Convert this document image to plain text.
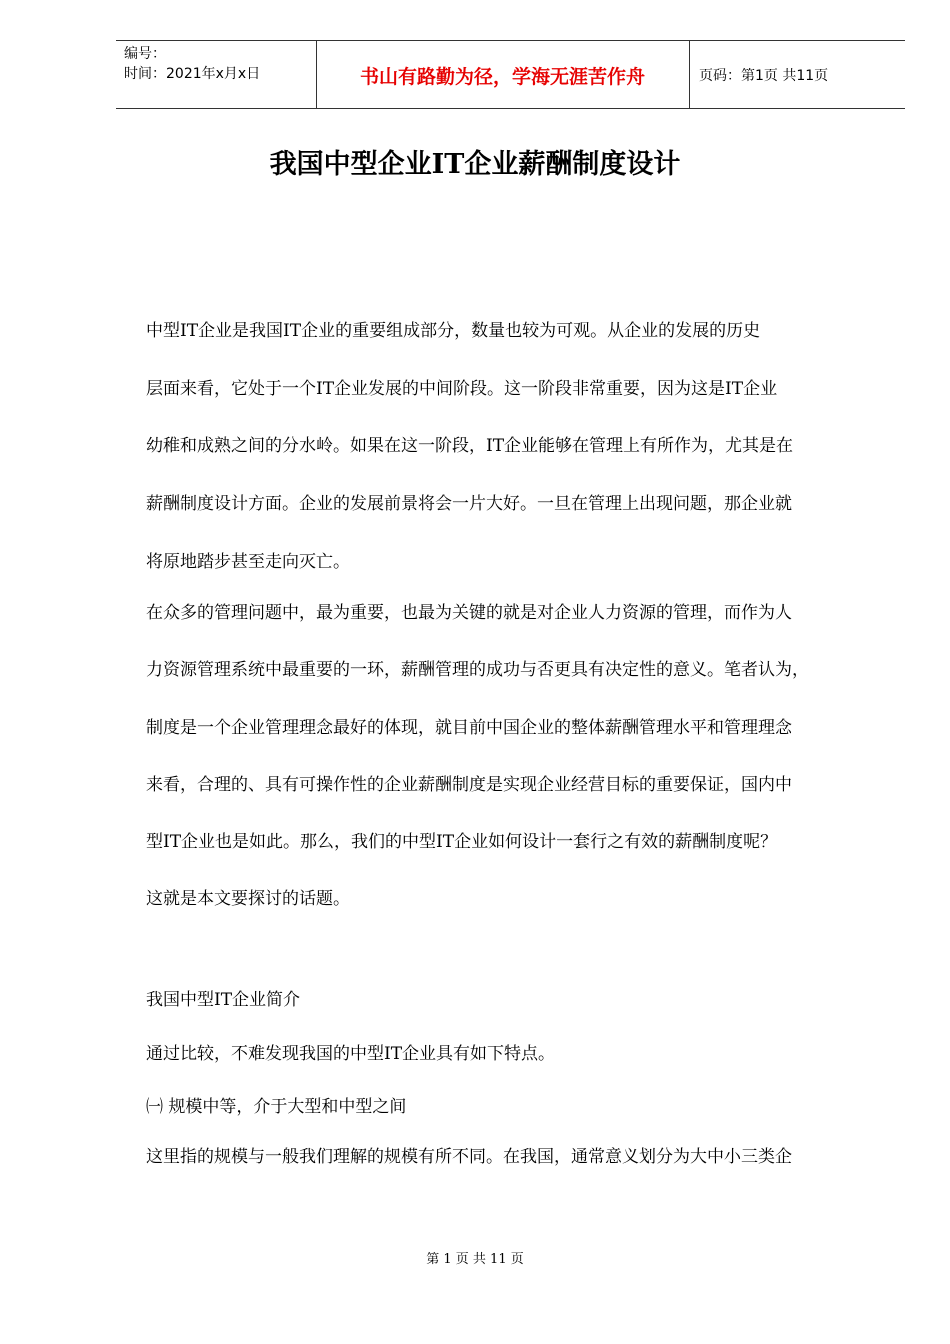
编号：
时间：2021年x月x日	书山有路勤为径，学海无涯苦作舟	页码：第1页 共11页
我国中型企业IT企业薪酬制度设计
中型IT企业是我国IT企业的重要组成部分，数量也较为可观。从企业的发展的历史
层面来看，它处于一个IT企业发展的中间阶段。这一阶段非常重要，因为这是IT企业
幼稚和成熟之间的分水岭。如果在这一阶段，IT企业能够在管理上有所作为，尤其是在
薪酬制度设计方面。企业的发展前景将会一片大好。一旦在管理上出现问题，那企业就
将原地踏步甚至走向灭亡。
在众多的管理问题中，最为重要，也最为关键的就是对企业人力资源的管理，而作为人
力资源管理系统中最重要的一环，薪酬管理的成功与否更具有决定性的意义。笔者认为，
制度是一个企业管理理念最好的体现，就目前中国企业的整体薪酬管理水平和管理理念
来看，合理的、具有可操作性的企业薪酬制度是实现企业经营目标的重要保证，国内中
型IT企业也是如此。那么，我们的中型IT企业如何设计一套行之有效的薪酬制度呢？
这就是本文要探讨的话题。
我国中型IT企业简介
通过比较，不难发现我国的中型IT企业具有如下特点。
㈠ 规模中等，介于大型和中型之间
这里指的规模与一般我们理解的规模有所不同。在我国，通常意义划分为大中小三类企
第 1 页 共 11 页
